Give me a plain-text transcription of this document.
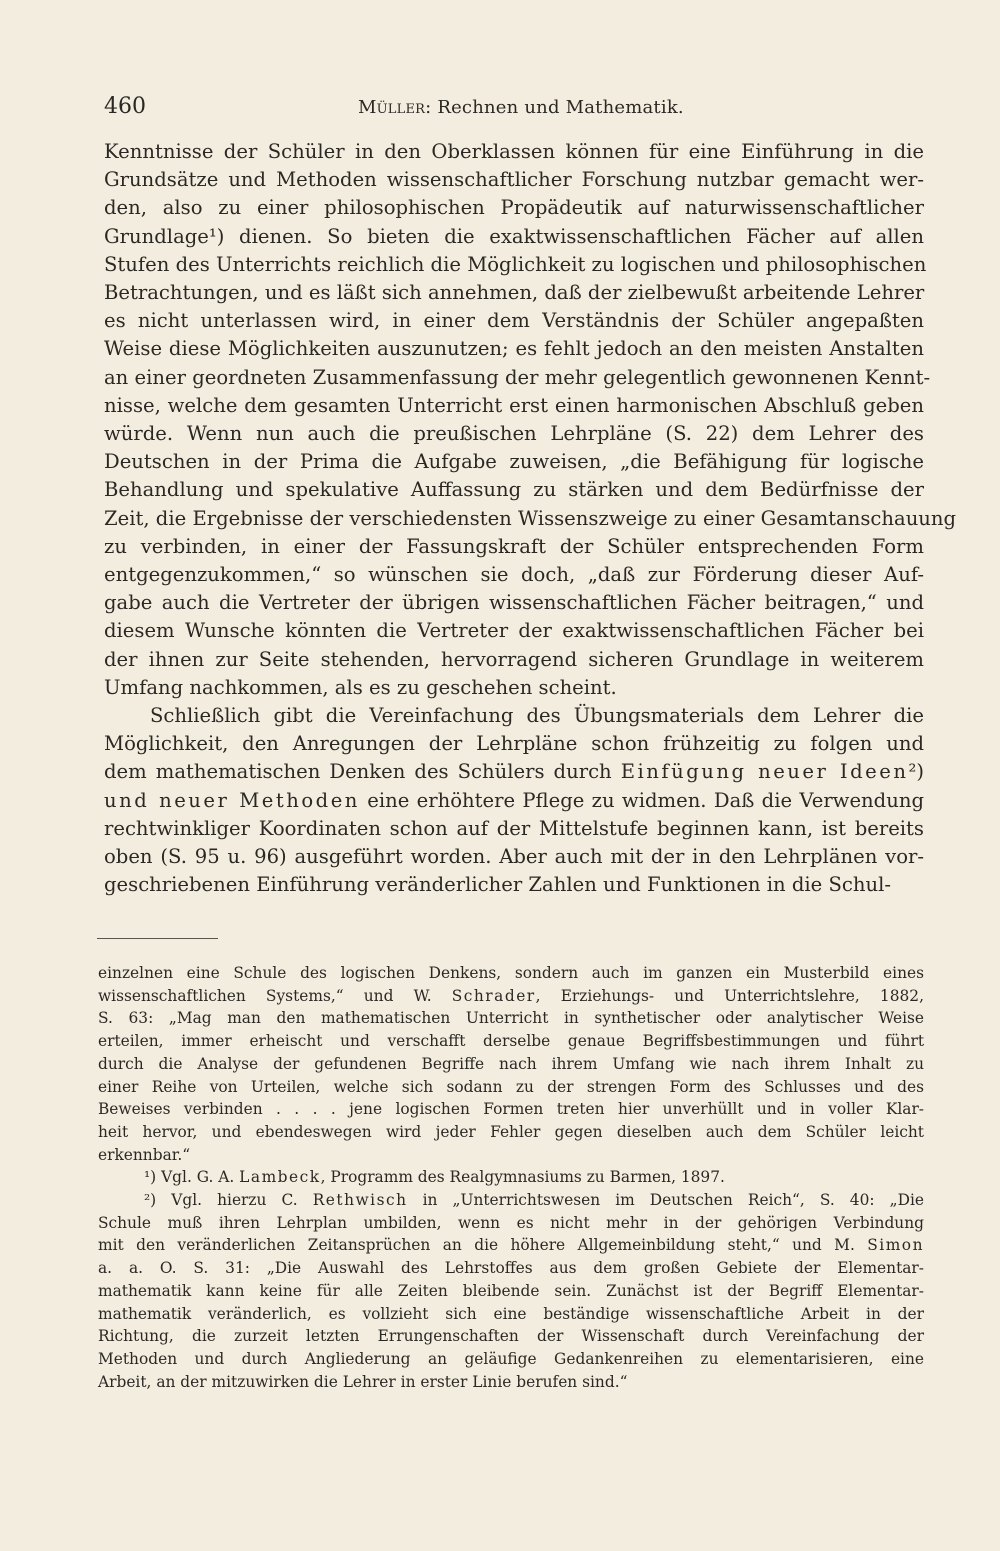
460	Müller: Rechnen und Mathematik.
Kenntnisse der Schüler in den Oberklassen können für eine Einführung in die
Grundsätze und Methoden wissenschaftlicher Forschung nutzbar gemacht wer-
den, also zu einer philosophischen Propädeutik auf naturwissenschaftlicher
Grundlage¹) dienen. So bieten die exaktwissenschaftlichen Fächer auf allen
Stufen des Unterrichts reichlich die Möglichkeit zu logischen und philosophischen
Betrachtungen, und es läßt sich annehmen, daß der zielbewußt arbeitende Lehrer
es nicht unterlassen wird, in einer dem Verständnis der Schüler angepaßten
Weise diese Möglichkeiten auszunutzen; es fehlt jedoch an den meisten Anstalten
an einer geordneten Zusammenfassung der mehr gelegentlich gewonnenen Kennt-
nisse, welche dem gesamten Unterricht erst einen harmonischen Abschluß geben
würde. Wenn nun auch die preußischen Lehrpläne (S. 22) dem Lehrer des
Deutschen in der Prima die Aufgabe zuweisen, „die Befähigung für logische
Behandlung und spekulative Auffassung zu stärken und dem Bedürfnisse der
Zeit, die Ergebnisse der verschiedensten Wissenszweige zu einer Gesamtanschauung
zu verbinden, in einer der Fassungskraft der Schüler entsprechenden Form
entgegenzukommen,“ so wünschen sie doch, „daß zur Förderung dieser Auf-
gabe auch die Vertreter der übrigen wissenschaftlichen Fächer beitragen,“ und
diesem Wunsche könnten die Vertreter der exaktwissenschaftlichen Fächer bei
der ihnen zur Seite stehenden, hervorragend sicheren Grundlage in weiterem
Umfang nachkommen, als es zu geschehen scheint.
Schließlich gibt die Vereinfachung des Übungsmaterials dem Lehrer die
Möglichkeit, den Anregungen der Lehrpläne schon frühzeitig zu folgen und
dem mathematischen Denken des Schülers durch Einfügung neuer Ideen²)
und neuer Methoden eine erhöhtere Pflege zu widmen. Daß die Verwendung
rechtwinkliger Koordinaten schon auf der Mittelstufe beginnen kann, ist bereits
oben (S. 95 u. 96) ausgeführt worden. Aber auch mit der in den Lehrplänen vor-
geschriebenen Einführung veränderlicher Zahlen und Funktionen in die Schul-
einzelnen eine Schule des logischen Denkens, sondern auch im ganzen ein Musterbild eines
wissenschaftlichen Systems,“ und W. Schrader, Erziehungs- und Unterrichtslehre, 1882,
S. 63: „Mag man den mathematischen Unterricht in synthetischer oder analytischer Weise
erteilen, immer erheischt und verschafft derselbe genaue Begriffsbestimmungen und führt
durch die Analyse der gefundenen Begriffe nach ihrem Umfang wie nach ihrem Inhalt zu
einer Reihe von Urteilen, welche sich sodann zu der strengen Form des Schlusses und des
Beweises verbinden . . . . jene logischen Formen treten hier unverhüllt und in voller Klar-
heit hervor, und ebendeswegen wird jeder Fehler gegen dieselben auch dem Schüler leicht
erkennbar.“
¹) Vgl. G. A. Lambeck, Programm des Realgymnasiums zu Barmen, 1897.
²) Vgl. hierzu C. Rethwisch in „Unterrichtswesen im Deutschen Reich“, S. 40: „Die
Schule muß ihren Lehrplan umbilden, wenn es nicht mehr in der gehörigen Verbindung
mit den veränderlichen Zeitansprüchen an die höhere Allgemeinbildung steht,“ und M. Simon
a. a. O. S. 31: „Die Auswahl des Lehrstoffes aus dem großen Gebiete der Elementar-
mathematik kann keine für alle Zeiten bleibende sein. Zunächst ist der Begriff Elementar-
mathematik veränderlich, es vollzieht sich eine beständige wissenschaftliche Arbeit in der
Richtung, die zurzeit letzten Errungenschaften der Wissenschaft durch Vereinfachung der
Methoden und durch Angliederung an geläufige Gedankenreihen zu elementarisieren, eine
Arbeit, an der mitzuwirken die Lehrer in erster Linie berufen sind.“
